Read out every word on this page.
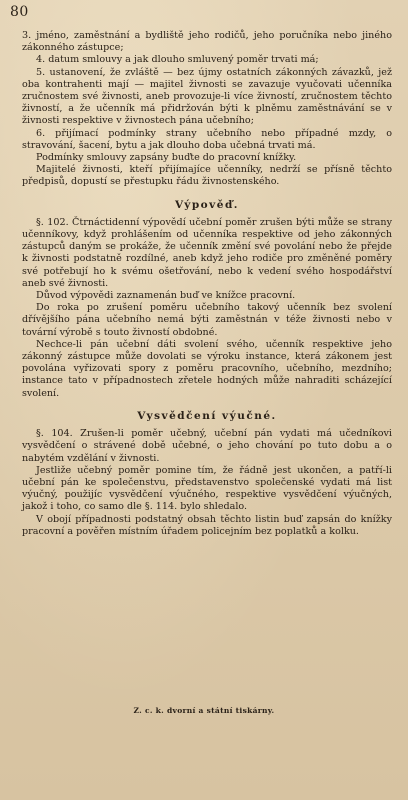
80

3. jméno, zaměstnání a bydliště jeho rodičů, jeho poručníka nebo jiného zákonného zástupce;

4. datum smlouvy a jak dlouho smluvený poměr trvati má;

5. ustanovení, že zvláště — bez újmy ostatních zákonných závazků, jež oba kontrahenti mají — majitel živnosti se zavazuje vyučovati učenníka zručnostem své živnosti, aneb provozuje-li více živností, zručnostem těchto živností, a že učenník má přidržován býti k plněmu zaměstnávání se v živnosti respektive v živnostech pána učebního;

6. přijímací podmínky strany učebního nebo případné mzdy, o stravování, šacení, bytu a jak dlouho doba učebná trvati má.

Podmínky smlouvy zapsány buďte do pracovní knížky.

Majitelé živnosti, kteří přijímajíce učenníky, nedrží se přísně těchto předpisů, dopustí se přestupku řádu živnostenského.

Výpověď.

§. 102. Čtrnáctidenní výpovědí učební poměr zrušen býti může se strany učenníkovy, když prohlášením od učenníka respektive od jeho zákonných zástupců daným se prokáže, že učenník změní své povolání nebo že přejde k živnosti podstatně rozdílné, aneb když jeho rodiče pro změněné poměry své potřebují ho k svému ošetřování, nebo k vedení svého hospodářství aneb své živnosti.

Důvod výpovědi zaznamenán buď ve knížce pracovní.

Do roka po zrušení poměru učebního takový učenník bez svolení dřívějšího pána učebního nemá býti zaměstnán v téže živnosti nebo v tovární výrobě s touto živností obdobné.

Nechce-li pán učební dáti svolení svého, učenník respektive jeho zákonný zástupce může dovolati se výroku instance, která zákonem jest povolána vyřizovati spory z poměru pracovního, učebního, mezdního; instance tato v případnostech zřetele hodných může nahraditi scházející svolení.

Vysvědčení výučné.

§. 104. Zrušen-li poměr učebný, učební pán vydati má učedníkovi vysvědčení o strávené době učebné, o jeho chování po tuto dobu a o nabytém vzdělání v živnosti.

Jestliže učebný poměr pomine tím, že řádně jest ukončen, a patří-li učební pán ke společenstvu, představenstvo společenské vydati má list výučný, použijíc vysvědčení výučného, respektive vysvědčení výučných, jakož i toho, co samo dle §. 114. bylo shledalo.

V obojí případnosti podstatný obsah těchto listin buď zapsán do knížky pracovní a pověřen místním úřadem policejním bez poplatků a kolku.

Z. c. k. dvorní a státní tiskárny.
